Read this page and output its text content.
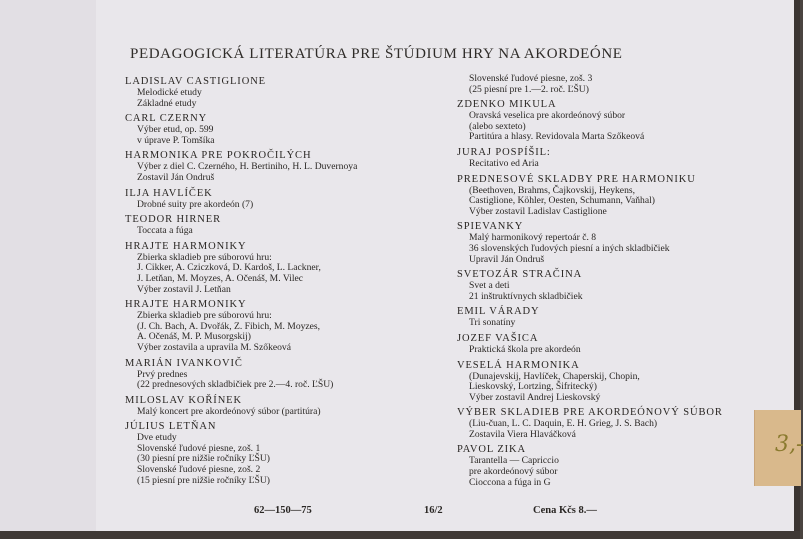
PEDAGOGICKÁ LITERATÚRA PRE ŠTÚDIUM HRY NA AKORDEÓNE
LADISLAV CASTIGLIONE
Melodické etudy
Základné etudy
CARL CZERNY
Výber etud, op. 599
v úprave P. Tomšíka
HARMONIKA PRE POKROČILÝCH
Výber z diel C. Czerného, H. Bertiniho, H. L. Duvernoya
Zostavil Ján Ondruš
ILJA HAVLÍČEK
Drobné suity pre akordeón (7)
TEODOR HIRNER
Toccata a fúga
HRAJTE HARMONIKY
Zbierka skladieb pre súborovú hru:
J. Cikker, A. Cziczková, D. Kardoš, L. Lackner,
J. Letňan, M. Moyzes, A. Očenáš, M. Vilec
Výber zostavil J. Letňan
HRAJTE HARMONIKY
Zbierka skladieb pre súborovú hru:
(J. Ch. Bach, A. Dvořák, Z. Fibich, M. Moyzes,
A. Očenáš, M. P. Musorgskij)
Výber zostavila a upravila M. Szőkeová
MARIÁN IVANKOVIČ
Prvý prednes
(22 prednesových skladbičiek pre 2.—4. roč. ĽŠU)
MILOSLAV KOŘÍNEK
Malý koncert pre akordeónový súbor (partitúra)
JÚLIUS LETŇAN
Dve etudy
Slovenské ľudové piesne, zoš. 1
(30 piesní pre nižšie ročníky ĽŠU)
Slovenské ľudové piesne, zoš. 2
(15 piesní pre nižšie ročníky ĽŠU)
Slovenské ľudové piesne, zoš. 3
(25 piesní pre 1.—2. roč. ĽŠU)
ZDENKO MIKULA
Oravská veselica pre akordeónový súbor
(alebo sexteto)
Partitúra a hlasy. Revidovala Marta Szőkeová
JURAJ POSPÍŠIL:
Recitativo ed Aria
PREDNESOVÉ SKLADBY PRE HARMONIKU
(Beethoven, Brahms, Čajkovskij, Heykens,
Castiglione, Köhler, Oesten, Schumann, Vaňhal)
Výber zostavil Ladislav Castiglione
SPIEVANKY
Malý harmonikový repertoár č. 8
36 slovenských ľudových piesní a iných skladbičiek
Upravil Ján Ondruš
SVETOZÁR STRAČINA
Svet a deti
21 inštruktívnych skladbičiek
EMIL VÁRADY
Tri sonatíny
JOZEF VAŠICA
Praktická škola pre akordeón
VESELÁ HARMONIKA
(Dunajevskij, Havlíček, Chaperskij, Chopin,
Lieskovský, Lortzing, Šifritecký)
Výber zostavil Andrej Lieskovský
VÝBER SKLADIEB PRE AKORDEÓNOVÝ SÚBOR
(Liu-čuan, L. C. Daquin, E. H. Grieg, J. S. Bach)
Zostavila Viera Hlaváčková
PAVOL ZIKA
Tarantella — Capriccio
pre akordeónový súbor
Cioccona a fúga in G
62—150—75	16/2	Cena Kčs 8.—
3,-
